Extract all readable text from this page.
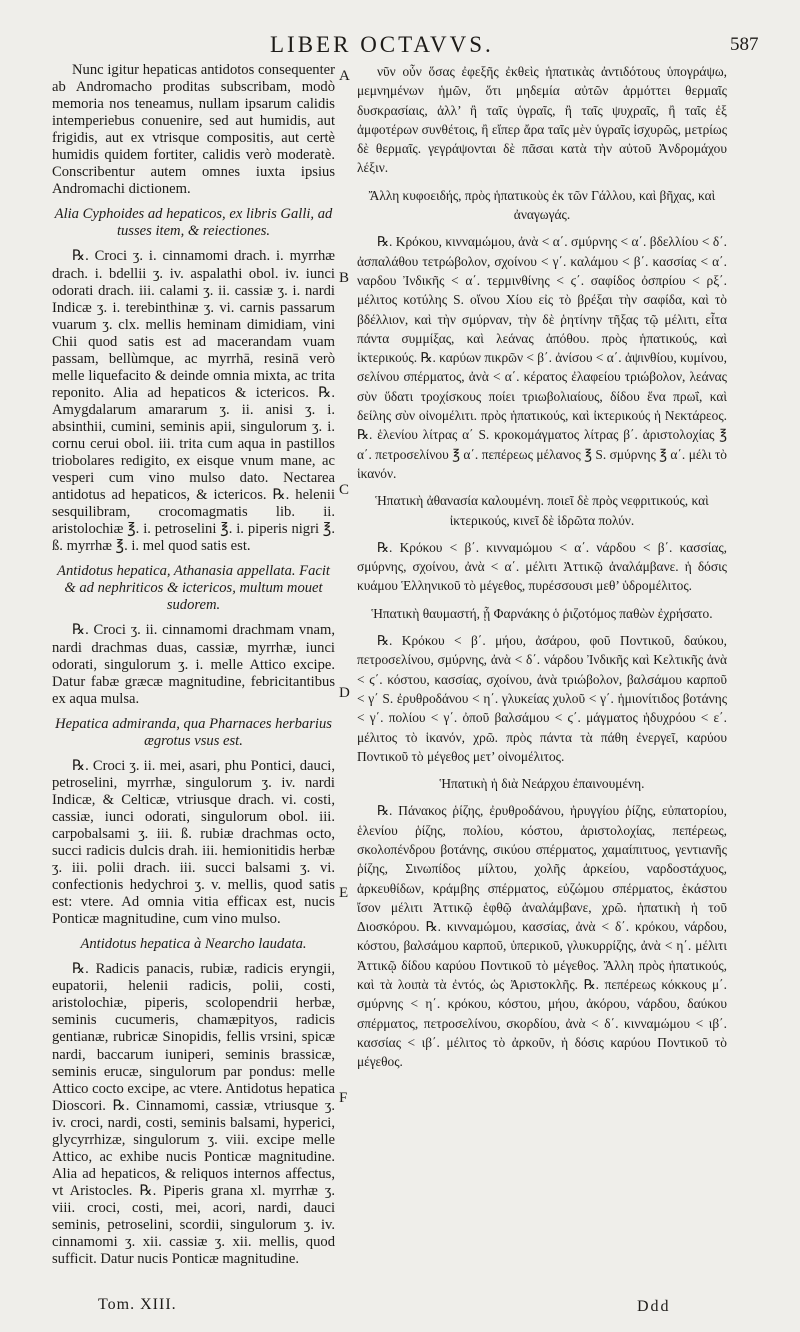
LIBER OCTAVVS.	587

Nunc igitur hepaticas antidotos consequenter ab Andromacho proditas subscribam, modò memoria nos teneamus, nullam ipsarum calidis intemperiebus conuenire, sed aut humidis, aut frigidis, aut ex vtrisque compositis, aut certè humidis quidem fortiter, calidis verò moderatè. Conscribentur autem omnes iuxta ipsius Andromachi dictionem.

Alia Cyphoides ad hepaticos, ex libris Galli, ad tusses item, & reiectiones.

℞. Croci ʒ. i. cinnamomi drach. i. myrrhæ drach. i. bdellii ʒ. iv. aspalathi obol. iv. iunci odorati drach. iii. calami ʒ. ii. cassiæ ʒ. i. nardi Indicæ ʒ. i. terebinthinæ ʒ. vi. carnis passarum vuarum ʒ. clx. mellis heminam dimidiam, vini Chii quod satis est ad macerandam vuam passam, bellùmque, ac myrrhā, resinā verò melle liquefacito & deinde omnia mixta, ac trita reponito. Alia ad hepaticos & ictericos. ℞. Amygdalarum amararum ʒ. ii. anisi ʒ. i. absinthii, cumini, seminis apii, singulorum ʒ. i. cornu cerui obol. iii. trita cum aqua in pastillos triobolares redigito, ex eisque vnum mane, ac vesperi cum vino mulso dato. Nectarea antidotus ad hepaticos, & ictericos. ℞. helenii sesquilibram, crocomagmatis lib. ii. aristolochiæ ℥. i. petroselini ℥. i. piperis nigri ℥. ß. myrrhæ ℥. i. mel quod satis est.

Antidotus hepatica, Athanasia appellata. Facit & ad nephriticos & ictericos, multum mouet sudorem.

℞. Croci ʒ. ii. cinnamomi drachmam vnam, nardi drachmas duas, cassiæ, myrrhæ, iunci odorati, singulorum ʒ. i. melle Attico excipe. Datur fabæ græcæ magnitudine, febricitantibus ex aqua mulsa.

Hepatica admiranda, qua Pharnaces herbarius ægrotus vsus est.

℞. Croci ʒ. ii. mei, asari, phu Pontici, dauci, petroselini, myrrhæ, singulorum ʒ. iv. nardi Indicæ, & Celticæ, vtriusque drach. vi. costi, cassiæ, iunci odorati, singulorum obol. iii. carpobalsami ʒ. iii. ß. rubiæ drachmas octo, succi radicis dulcis drah. iii. hemionitidis herbæ ʒ. iii. polii drach. iii. succi balsami ʒ. vi. confectionis hedychroi ʒ. v. mellis, quod satis est: vtere. Ad omnia vitia efficax est, nucis Ponticæ magnitudine, cum vino mulso.

Antidotus hepatica à Nearcho laudata.

℞. Radicis panacis, rubiæ, radicis eryngii, eupatorii, helenii radicis, polii, costi, aristolochiæ, piperis, scolopendrii herbæ, seminis cucumeris, chamæpityos, radicis gentianæ, rubricæ Sinopidis, fellis vrsini, spicæ nardi, baccarum iuniperi, seminis brassicæ, seminis erucæ, singulorum par pondus: melle Attico cocto excipe, ac vtere. Antidotus hepatica Dioscori. ℞. Cinnamomi, cassiæ, vtriusque ʒ. iv. croci, nardi, costi, seminis balsami, hyperici, glycyrrhizæ, singulorum ʒ. viii. excipe melle Attico, ac exhibe nucis Ponticæ magnitudine. Alia ad hepaticos, & reliquos internos affectus, vt Aristocles. ℞. Piperis grana xl. myrrhæ ʒ. viii. croci, costi, mei, acori, nardi, dauci seminis, petroselini, scordii, singulorum ʒ. iv. cinnamomi ʒ. xii. cassiæ ʒ. xii. mellis, quod sufficit. Datur nucis Ponticæ magnitudine.

A
B
C
D
E
F

νῦν οὖν ὅσας ἐφεξῆς ἐκθεὶς ἡπατικὰς ἀντιδότους ὑπογράψω, μεμνημένων ἡμῶν, ὅτι μηδεμία αὐτῶν ἁρμόττει θερμαῖς δυσκρασίαις, ἀλλ’ ἢ ταῖς ὑγραῖς, ἢ ταῖς ψυχραῖς, ἢ ταῖς ἐξ ἀμφοτέρων συνθέτοις, ἢ εἴπερ ἄρα ταῖς μὲν ὑγραῖς ἰσχυρῶς, μετρίως δὲ θερμαῖς. γεγράψονται δὲ πᾶσαι κατὰ τὴν αὐτοῦ Ἀνδρομάχου λέξιν.

Ἄλλη κυφοειδής, πρὸς ἡπατικοὺς ἐκ τῶν Γάλλου, καὶ βῆχας, καὶ ἀναγωγάς.

℞. Κρόκου, κινναμώμου, ἀνὰ < α΄. σμύρνης < α΄. βδελλίου < δ΄. ἀσπαλάθου τετρώβολον, σχοίνου < γ΄. καλάμου < β΄. κασσίας < α΄. ναρδου Ἰνδικῆς < α΄. τερμινθίνης < ϛ΄. σαφίδος ὀσπρίου < ρξ΄. μέλιτος κοτύλης S. οἴνου Χίου εἰς τὸ βρέξαι τὴν σαφίδα, καὶ τὸ βδέλλιον, καὶ τὴν σμύρναν, τὴν δὲ ῥητίνην τῆξας τῷ μέλιτι, εἶτα πάντα συμμίξας, καὶ λεάνας ἀπόθου. πρὸς ἡπατικούς, καὶ ἰκτερικούς. ℞. καρύων πικρῶν < β΄. ἀνίσου < α΄. ἀψινθίου, κυμίνου, σελίνου σπέρματος, ἀνὰ < α΄. κέρατος ἐλαφείου τριώβολον, λεάνας σὺν ὕδατι τροχίσκους ποίει τριωβολιαίους, δίδου ἕνα πρωΐ, καὶ δείλης σὺν οἰνομέλιτι. πρὸς ἡπατικούς, καὶ ἰκτερικούς ἡ Νεκτάρεος. ℞. ἑλενίου λίτρας α΄ S. κροκομάγματος λίτρας β΄. ἀριστολοχίας ℥ α΄. πετροσελίνου ℥ α΄. πεπέρεως μέλανος ℥ S. σμύρνης ℥ α΄. μέλι τὸ ἱκανόν.

Ἡπατικὴ ἀθανασία καλουμένη. ποιεῖ δὲ πρὸς νεφριτικούς, καὶ ἰκτερικούς, κινεῖ δὲ ἱδρῶτα πολύν.

℞. Κρόκου < β΄. κινναμώμου < α΄. νάρδου < β΄. κασσίας, σμύρνης, σχοίνου, ἀνὰ < α΄. μέλιτι Ἀττικῷ ἀναλάμβανε. ἡ δόσις κυάμου Ἑλληνικοῦ τὸ μέγεθος, πυρέσσουσι μεθ’ ὑδρομέλιτος.

Ἡπατικὴ θαυμαστή, ᾗ Φαρνάκης ὁ ῥιζοτόμος παθὼν ἐχρήσατο.

℞. Κρόκου < β΄. μήου, ἀσάρου, φοῦ Ποντικοῦ, δαύκου, πετροσελίνου, σμύρνης, ἀνὰ < δ΄. νάρδου Ἰνδικῆς καὶ Κελτικῆς ἀνὰ < ϛ΄. κόστου, κασσίας, σχοίνου, ἀνὰ τριώβολον, βαλσάμου καρποῦ < γ΄ S. ἐρυθροδάνου < η΄. γλυκείας χυλοῦ < γ΄. ἡμιονίτιδος βοτάνης < γ΄. πολίου < γ΄. ὀποῦ βαλσάμου < ϛ΄. μάγματος ἡδυχρόου < ε΄. μέλιτος τὸ ἱκανόν, χρῶ. πρὸς πάντα τὰ πάθη ἐνεργεῖ, καρύου Ποντικοῦ τὸ μέγεθος μετ’ οἰνομέλιτος.

Ἡπατικὴ ἡ διὰ Νεάρχου ἐπαινουμένη.

℞. Πάνακος ῥίζης, ἐρυθροδάνου, ἠρυγγίου ῥίζης, εὐπατορίου, ἑλενίου ῥίζης, πολίου, κόστου, ἀριστολοχίας, πεπέρεως, σκολοπένδρου βοτάνης, σικύου σπέρματος, χαμαίπιτυος, γεντιανῆς ῥίζης, Σινωπίδος μίλτου, χολῆς ἀρκείου, ναρδοστάχυος, ἀρκευθίδων, κράμβης σπέρματος, εὐζώμου σπέρματος, ἑκάστου ἴσον μέλιτι Ἀττικῷ ἑφθῷ ἀναλάμβανε, χρῶ. ἡπατικὴ ἡ τοῦ Διοσκόρου. ℞. κινναμώμου, κασσίας, ἀνὰ < δ΄. κρόκου, νάρδου, κόστου, βαλσάμου καρποῦ, ὑπερικοῦ, γλυκυρρίζης, ἀνὰ < η΄. μέλιτι Ἀττικῷ δίδου καρύου Ποντικοῦ τὸ μέγεθος. Ἄλλη πρὸς ἡπατικούς, καὶ τὰ λοιπὰ τὰ ἐντός, ὡς Ἀριστοκλῆς. ℞. πεπέρεως κόκκους μ΄. σμύρνης < η΄. κρόκου, κόστου, μήου, ἀκόρου, νάρδου, δαύκου σπέρματος, πετροσελίνου, σκορδίου, ἀνὰ < δ΄. κινναμώμου < ιβ΄. κασσίας < ιβ΄. μέλιτος τὸ ἀρκοῦν, ἡ δόσις καρύου Ποντικοῦ τὸ μέγεθος.

Tom. XIII.	Ddd
